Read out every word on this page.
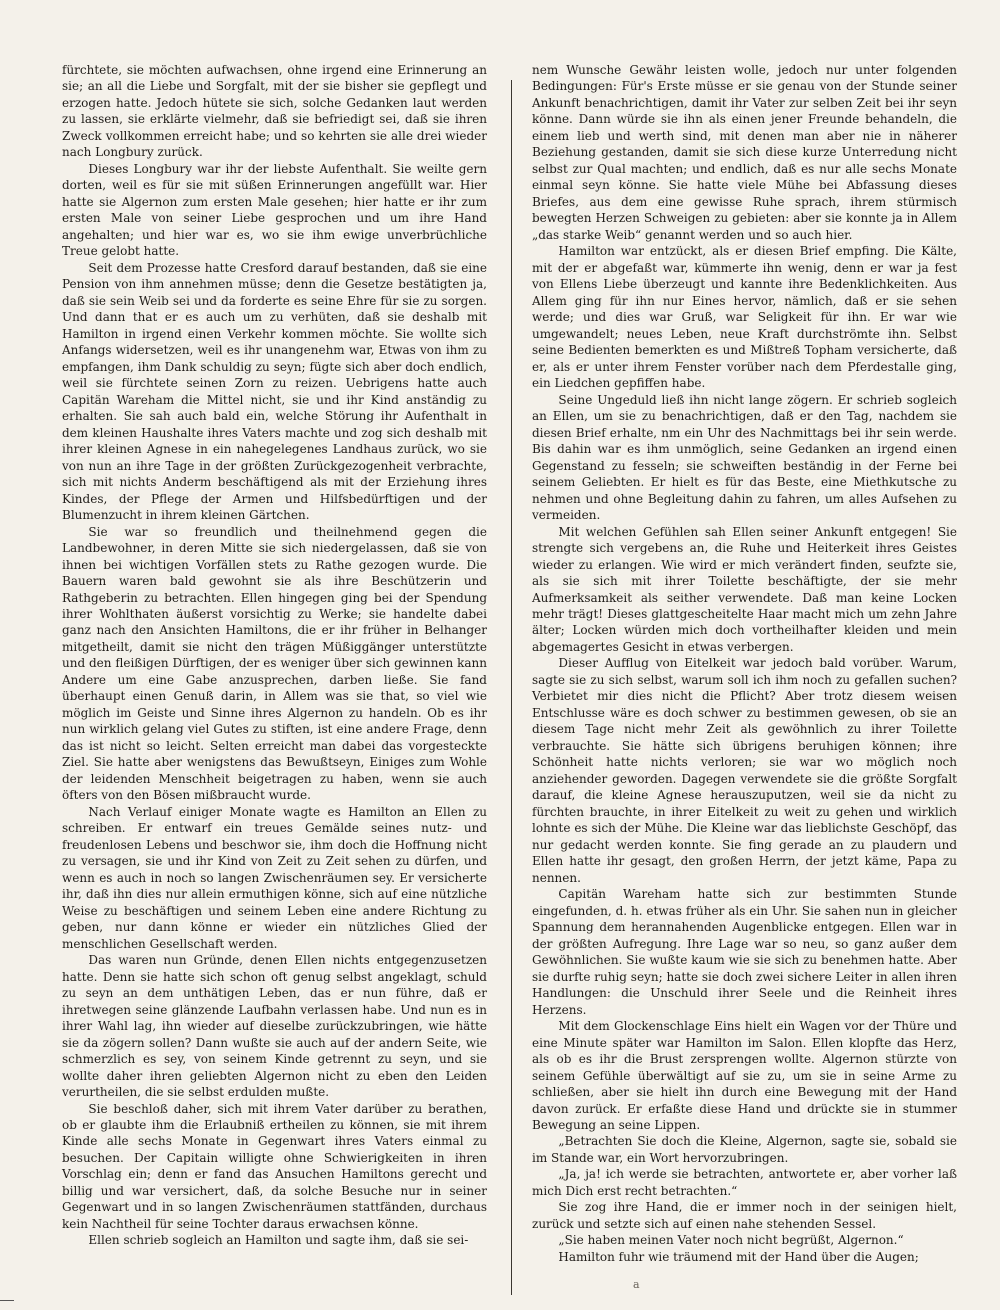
fürchtete, sie möchten aufwachsen, ohne irgend eine Erinnerung an sie; an all die Liebe und Sorgfalt, mit der sie bisher sie gepflegt und erzogen hatte. Jedoch hütete sie sich, solche Gedanken laut werden zu lassen, sie erklärte vielmehr, daß sie befriedigt sei, daß sie ihren Zweck vollkommen erreicht habe; und so kehrten sie alle drei wieder nach Longbury zurück.

Dieses Longbury war ihr der liebste Aufenthalt. Sie weilte gern dorten, weil es für sie mit süßen Erinnerungen angefüllt war. Hier hatte sie Algernon zum ersten Male gesehen; hier hatte er ihr zum ersten Male von seiner Liebe gesprochen und um ihre Hand angehalten; und hier war es, wo sie ihm ewige unverbrüchliche Treue gelobt hatte.

Seit dem Prozesse hatte Cresford darauf bestanden, daß sie eine Pension von ihm annehmen müsse; denn die Gesetze bestätigten ja, daß sie sein Weib sei und da forderte es seine Ehre für sie zu sorgen. Und dann that er es auch um zu verhüten, daß sie deshalb mit Hamilton in irgend einen Verkehr kommen möchte. Sie wollte sich Anfangs widersetzen, weil es ihr unangenehm war, Etwas von ihm zu empfangen, ihm Dank schuldig zu seyn; fügte sich aber doch endlich, weil sie fürchtete seinen Zorn zu reizen. Uebrigens hatte auch Capitän Wareham die Mittel nicht, sie und ihr Kind anständig zu erhalten. Sie sah auch bald ein, welche Störung ihr Aufenthalt in dem kleinen Haushalte ihres Vaters machte und zog sich deshalb mit ihrer kleinen Agnese in ein nahegelegenes Landhaus zurück, wo sie von nun an ihre Tage in der größten Zurückgezogenheit verbrachte, sich mit nichts Anderm beschäftigend als mit der Erziehung ihres Kindes, der Pflege der Armen und Hilfsbedürftigen und der Blumenzucht in ihrem kleinen Gärtchen.

Sie war so freundlich und theilnehmend gegen die Landbewohner, in deren Mitte sie sich niedergelassen, daß sie von ihnen bei wichtigen Vorfällen stets zu Rathe gezogen wurde. Die Bauern waren bald gewohnt sie als ihre Beschützerin und Rathgeberin zu betrachten. Ellen hingegen ging bei der Spendung ihrer Wohlthaten äußerst vorsichtig zu Werke; sie handelte dabei ganz nach den Ansichten Hamiltons, die er ihr früher in Belhanger mitgetheilt, damit sie nicht den trägen Müßiggänger unterstützte und den fleißigen Dürftigen, der es weniger über sich gewinnen kann Andere um eine Gabe anzusprechen, darben ließe. Sie fand überhaupt einen Genuß darin, in Allem was sie that, so viel wie möglich im Geiste und Sinne ihres Algernon zu handeln. Ob es ihr nun wirklich gelang viel Gutes zu stiften, ist eine andere Frage, denn das ist nicht so leicht. Selten erreicht man dabei das vorgesteckte Ziel. Sie hatte aber wenigstens das Bewußtseyn, Einiges zum Wohle der leidenden Menschheit beigetragen zu haben, wenn sie auch öfters von den Bösen mißbraucht wurde.

Nach Verlauf einiger Monate wagte es Hamilton an Ellen zu schreiben. Er entwarf ein treues Gemälde seines nutz- und freudenlosen Lebens und beschwor sie, ihm doch die Hoffnung nicht zu versagen, sie und ihr Kind von Zeit zu Zeit sehen zu dürfen, und wenn es auch in noch so langen Zwischenräumen sey. Er versicherte ihr, daß ihn dies nur allein ermuthigen könne, sich auf eine nützliche Weise zu beschäftigen und seinem Leben eine andere Richtung zu geben, nur dann könne er wieder ein nützliches Glied der menschlichen Gesellschaft werden.

Das waren nun Gründe, denen Ellen nichts entgegenzusetzen hatte. Denn sie hatte sich schon oft genug selbst angeklagt, schuld zu seyn an dem unthätigen Leben, das er nun führe, daß er ihretwegen seine glänzende Laufbahn verlassen habe. Und nun es in ihrer Wahl lag, ihn wieder auf dieselbe zurückzubringen, wie hätte sie da zögern sollen? Dann wußte sie auch auf der andern Seite, wie schmerzlich es sey, von seinem Kinde getrennt zu seyn, und sie wollte daher ihren geliebten Algernon nicht zu eben den Leiden verurtheilen, die sie selbst erdulden mußte.

Sie beschloß daher, sich mit ihrem Vater darüber zu berathen, ob er glaubte ihm die Erlaubniß ertheilen zu können, sie mit ihrem Kinde alle sechs Monate in Gegenwart ihres Vaters einmal zu besuchen. Der Capitain willigte ohne Schwierigkeiten in ihren Vorschlag ein; denn er fand das Ansuchen Hamiltons gerecht und billig und war versichert, daß, da solche Besuche nur in seiner Gegenwart und in so langen Zwischenräumen stattfänden, durchaus kein Nachtheil für seine Tochter daraus erwachsen könne.

Ellen schrieb sogleich an Hamilton und sagte ihm, daß sie sei-

nem Wunsche Gewähr leisten wolle, jedoch nur unter folgenden Bedingungen: Für's Erste müsse er sie genau von der Stunde seiner Ankunft benachrichtigen, damit ihr Vater zur selben Zeit bei ihr seyn könne. Dann würde sie ihn als einen jener Freunde behandeln, die einem lieb und werth sind, mit denen man aber nie in näherer Beziehung gestanden, damit sie sich diese kurze Unterredung nicht selbst zur Qual machten; und endlich, daß es nur alle sechs Monate einmal seyn könne. Sie hatte viele Mühe bei Abfassung dieses Briefes, aus dem eine gewisse Ruhe sprach, ihrem stürmisch bewegten Herzen Schweigen zu gebieten: aber sie konnte ja in Allem „das starke Weib“ genannt werden und so auch hier.

Hamilton war entzückt, als er diesen Brief empfing. Die Kälte, mit der er abgefaßt war, kümmerte ihn wenig, denn er war ja fest von Ellens Liebe überzeugt und kannte ihre Bedenklichkeiten. Aus Allem ging für ihn nur Eines hervor, nämlich, daß er sie sehen werde; und dies war Gruß, war Seligkeit für ihn. Er war wie umgewandelt; neues Leben, neue Kraft durchströmte ihn. Selbst seine Bedienten bemerkten es und Mißtreß Topham versicherte, daß er, als er unter ihrem Fenster vorüber nach dem Pferdestalle ging, ein Liedchen gepfiffen habe.

Seine Ungeduld ließ ihn nicht lange zögern. Er schrieb sogleich an Ellen, um sie zu benachrichtigen, daß er den Tag, nachdem sie diesen Brief erhalte, nm ein Uhr des Nachmittags bei ihr sein werde. Bis dahin war es ihm unmöglich, seine Gedanken an irgend einen Gegenstand zu fesseln; sie schweiften beständig in der Ferne bei seinem Geliebten. Er hielt es für das Beste, eine Miethkutsche zu nehmen und ohne Begleitung dahin zu fahren, um alles Aufsehen zu vermeiden.

Mit welchen Gefühlen sah Ellen seiner Ankunft entgegen! Sie strengte sich vergebens an, die Ruhe und Heiterkeit ihres Geistes wieder zu erlangen. Wie wird er mich verändert finden, seufzte sie, als sie sich mit ihrer Toilette beschäftigte, der sie mehr Aufmerksamkeit als seither verwendete. Daß man keine Locken mehr trägt! Dieses glattgescheitelte Haar macht mich um zehn Jahre älter; Locken würden mich doch vortheilhafter kleiden und mein abgemagertes Gesicht in etwas verbergen.

Dieser Aufflug von Eitelkeit war jedoch bald vorüber. Warum, sagte sie zu sich selbst, warum soll ich ihm noch zu gefallen suchen? Verbietet mir dies nicht die Pflicht? Aber trotz diesem weisen Entschlusse wäre es doch schwer zu bestimmen gewesen, ob sie an diesem Tage nicht mehr Zeit als gewöhnlich zu ihrer Toilette verbrauchte. Sie hätte sich übrigens beruhigen können; ihre Schönheit hatte nichts verloren; sie war wo möglich noch anziehender geworden. Dagegen verwendete sie die größte Sorgfalt darauf, die kleine Agnese herauszuputzen, weil sie da nicht zu fürchten brauchte, in ihrer Eitelkeit zu weit zu gehen und wirklich lohnte es sich der Mühe. Die Kleine war das lieblichste Geschöpf, das nur gedacht werden konnte. Sie fing gerade an zu plaudern und Ellen hatte ihr gesagt, den großen Herrn, der jetzt käme, Papa zu nennen.

Capitän Wareham hatte sich zur bestimmten Stunde eingefunden, d. h. etwas früher als ein Uhr. Sie sahen nun in gleicher Spannung dem herannahenden Augenblicke entgegen. Ellen war in der größten Aufregung. Ihre Lage war so neu, so ganz außer dem Gewöhnlichen. Sie wußte kaum wie sie sich zu benehmen hatte. Aber sie durfte ruhig seyn; hatte sie doch zwei sichere Leiter in allen ihren Handlungen: die Unschuld ihrer Seele und die Reinheit ihres Herzens.

Mit dem Glockenschlage Eins hielt ein Wagen vor der Thüre und eine Minute später war Hamilton im Salon. Ellen klopfte das Herz, als ob es ihr die Brust zersprengen wollte. Algernon stürzte von seinem Gefühle überwältigt auf sie zu, um sie in seine Arme zu schließen, aber sie hielt ihn durch eine Bewegung mit der Hand davon zurück. Er erfaßte diese Hand und drückte sie in stummer Bewegung an seine Lippen.

„Betrachten Sie doch die Kleine, Algernon, sagte sie, sobald sie im Stande war, ein Wort hervorzubringen.

„Ja, ja! ich werde sie betrachten, antwortete er, aber vorher laß mich Dich erst recht betrachten.“

Sie zog ihre Hand, die er immer noch in der seinigen hielt, zurück und setzte sich auf einen nahe stehenden Sessel.

„Sie haben meinen Vater noch nicht begrüßt, Algernon.“

Hamilton fuhr wie träumend mit der Hand über die Augen;

a
